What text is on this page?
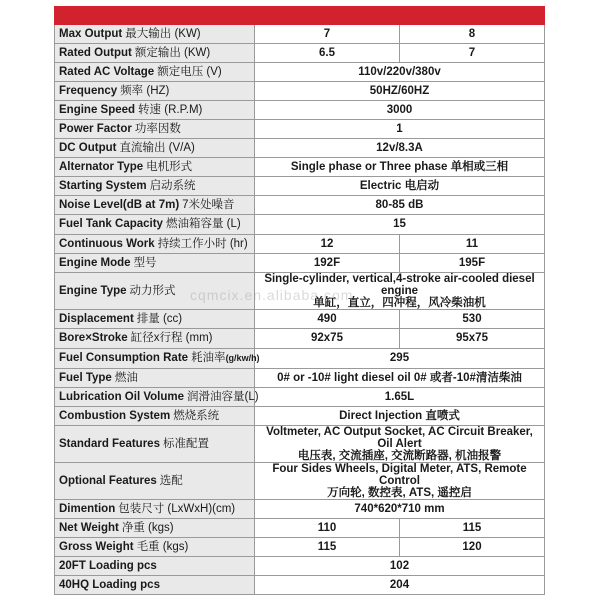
Max Output 最大输出 (KW)	7	8
Rated Output 额定输出 (KW)	6.5	7
Rated AC Voltage 额定电压 (V)	110v/220v/380v	
Frequency 频率 (HZ)	50HZ/60HZ	
Engine Speed 转速 (R.P.M)	3000	
Power Factor 功率因数	1	
DC Output 直流输出 (V/A)	12v/8.3A	
Alternator Type 电机形式	Single phase or Three phase 单相或三相	
Starting System 启动系统	Electric 电启动	
Noise Level(dB at 7m) 7米处噪音	80-85 dB	
Fuel Tank Capacity 燃油箱容量 (L)	15	
Continuous Work 持续工作小时 (hr)	12	11
Engine Mode 型号	192F	195F
Engine Type 动力形式	Single-cylinder, vertical,4-stroke air-cooled diesel engine
单缸，直立，四冲程，风冷柴油机	

Displacement 排量 (cc)	490	530
Bore×Stroke 缸径x行程 (mm)	92x75	95x75
Fuel Consumption Rate 耗油率(g/kw/h)	295	
Fuel Type 燃油	0# or -10# light diesel oil 0# 或者-10#清洁柴油	
Lubrication Oil Volume 润滑油容量(L)	1.65L	
Combustion System 燃烧系统	Direct Injection 直喷式	
Standard Features 标准配置	Voltmeter, AC Output Socket, AC Circuit Breaker, Oil Alert
电压表, 交流插座, 交流断路器, 机油报警	

Optional Features 选配	Four Sides Wheels, Digital Meter, ATS, Remote Control
万向轮, 数控表, ATS, 遥控启	

Dimention 包装尺寸 (LxWxH)(cm)	740*620*710 mm	
Net Weight 净重 (kgs)	110	115
Gross Weight 毛重 (kgs)	115	120
20FT Loading pcs	102	
40HQ Loading pcs	204	
cqmcix.en.alibaba.com
